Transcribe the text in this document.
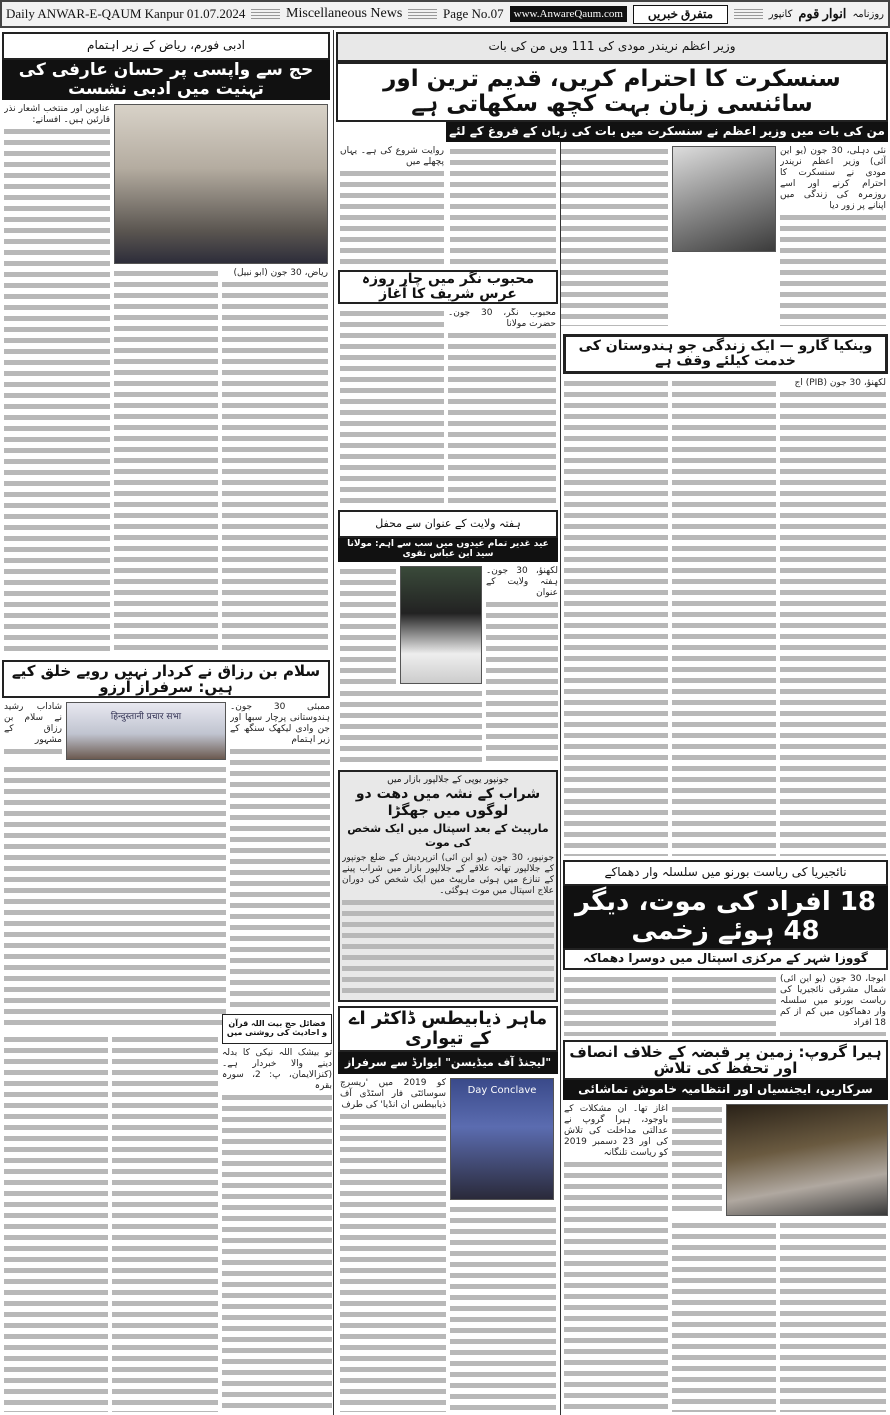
Daily ANWAR-E-QAUM Kanpur 01.07.2024	Miscellaneous News	Page No.07 www.AnwareQaum.com	متفرق خبریں	کانپور انوار قوم روزنامہ
وزیر اعظم نریندر مودی کی 111 ویں من کی بات
سنسکرت کا احترام کریں، قدیم ترین اور سائنسی زبان بہت کچھ سکھاتی ہے
من کی بات میں وزیر اعظم نے سنسکرت میں بات کی زبان کے فروغ کے لئے
نئی دہلی، 30 جون (یو این آئی) وزیر اعظم نریندر مودی نے سنسکرت کا احترام کرنے اور اسے روزمرہ کی زندگی میں اپنانے پر زور دیا
روایت شروع کی ہے۔ یہاں پچھلے میں
ادبی فورم، ریاض کے زیر اہتمام
حج سے واپسی پر حسان عارفی کی تہنیت میں ادبی نشست
عناوین اور منتخب اشعار نذر قارئین ہیں۔ افسانے:
ریاض، 30 جون (ابو نبیل)
سلام بن رزاق نے کردار نہیں رویے خلق کیے ہیں: سرفراز آرزو
हिन्दुस्तानी प्रचार सभा
ممبئی 30 جون۔ ہندوستانی پرچار سبھا اور جن وادی لیکھک سنگھ کے زیر اہتمام
شاداب رشید نے سلام بن رزاق کے مشہور
فضائل حج بیت اللہ قرآن و احادیث کی روشنی میں
تو بیشک اللہ نیکی کا بدلہ دینے والا خبردار ہے۔ (کنزالایمان، پ: 2، سورہ بقرہ
محبوب نگر میں چار روزہ عرس شریف کا آغاز
محبوب نگر، 30 جون۔ حضرت مولانا
ہفتہ ولایت کے عنوان سے محفل
عید غدیر تمام عیدوں میں سب سے اہم: مولانا سید ابن عباس نقوی
لکھنؤ، 30 جون۔ ہفتہ ولایت کے عنوان
جونپور یوپی کے جلالپور بازار میں
شراب کے نشہ میں دھت دو لوگوں میں جھگڑا
مارپیٹ کے بعد اسپتال میں ایک شخص کی موت
جونپور، 30 جون (یو این آئی) اترپردیش کے ضلع جونپور کے جلالپور تھانہ علاقے کے جلالپور بازار میں شراب پینے کے تنازع میں ہوئی مارپیٹ میں ایک شخص کی دوران علاج اسپتال میں موت ہوگئی۔
ماہر ذیابیطس ڈاکٹر اے کے تیواری
"لیجنڈ آف میڈیسن" ایوارڈ سے سرفراز
Day Conclave
کو 2019 میں 'ریسرچ سوسائٹی فار اسٹڈی آف ذیابیطس ان انڈیا' کی طرف
وینکیا گارو — ایک زندگی جو ہندوستان کی خدمت کیلئے وقف ہے
لکھنؤ، 30 جون (PIB) آج
نائجیریا کی ریاست بورنو میں سلسلہ وار دھماکے
18 افراد کی موت، دیگر 48 ہوئے زخمی
گووزا شہر کے مرکزی اسپتال میں دوسرا دھماکہ
ابوجا، 30 جون (یو این آئی) شمال مشرقی نائجیریا کی ریاست بورنو میں سلسلہ وار دھماکوں میں کم از کم 18 افراد
ہیرا گروپ: زمین پر قبضہ کے خلاف انصاف اور تحفظ کی تلاش
سرکاریں، ایجنسیاں اور انتظامیہ خاموش تماشائی
آغاز تھا۔ ان مشکلات کے باوجود، ہیرا گروپ نے عدالتی مداخلت کی تلاش کی اور 23 دسمبر 2019 کو ریاست تلنگانہ
